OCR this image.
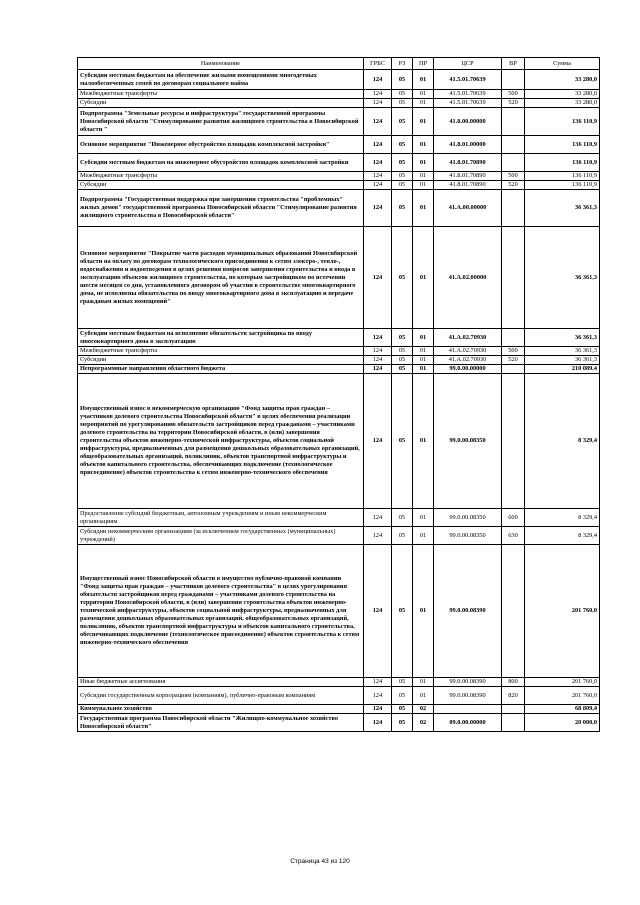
Наименование	ГРБС	РЗ	ПР	ЦСР	ВР	Сумма
Субсидии местным бюджетам на обеспечение жилыми помещениями многодетных малообеспеченных семей по договорам социального найма	124	05	01	41.5.01.70639		33 280,0
Межбюджетные трансферты	124	05	01	41.5.01.70639	500	33 280,0
Субсидии	124	05	01	41.5.01.70639	520	33 280,0
Подпрограмма "Земельные ресурсы и инфраструктура" государственной программы Новосибирской области "Стимулирование развития жилищного строительства в Новосибирской области "	124	05	01	41.8.00.00000		136 110,9
Основное мероприятие "Инженерное обустройство площадок комплексной застройки"	124	05	01	41.8.01.00000		136 110,9
Субсидии местным бюджетам на инженерное обустройство площадок комплексной застройки	124	05	01	41.8.01.70890		136 110,9
Межбюджетные трансферты	124	05	01	41.8.01.70890	500	136 110,9
Субсидии	124	05	01	41.8.01.70890	520	136 110,9
Подпрограмма "Государственная поддержка при завершении строительства "проблемных" жилых домов" государственной программы Новосибирской области "Стимулирование развития жилищного строительства в Новосибирской области"	124	05	01	41.А.00.00000		36 361,3
Основное мероприятие "Покрытие части расходов муниципальных образований Новосибирской области на оплату по договорам технологического присоединения к сетям электро-, тепло-, водоснабжения и водоотведения в целях решения вопросов завершения строительства и ввода в эксплуатацию объектов жилищного строительства, по которым застройщиком по истечении шести месяцев со дня, установленного договором об участии в строительстве многоквартирного дома, не исполнены обязательства по вводу многоквартирного дома в эксплуатацию и передаче гражданам жилых помещений"	124	05	01	41.А.02.00000		36 361,3
Субсидии местным бюджетам на исполнение обязательств застройщика по вводу многоквартирного дома в эксплуатацию	124	05	01	41.А.02.70930		36 361,3
Межбюджетные трансферты	124	05	01	41.А.02.70930	500	36 361,3
Субсидии	124	05	01	41.А.02.70930	520	36 361,3
Непрограммные направления областного бюджета	124	05	01	99.0.00.00000		210 089,4
Имущественный взнос в некоммерческую организацию "Фонд защиты прав граждан – участников долевого строительства Новосибирской области" в целях обеспечения реализации мероприятий по урегулированию обязательств застройщиков перед гражданами – участниками долевого строительства на территории Новосибирской области, в (или) завершения строительства объектов инженерно-технической инфраструктуры, объектов социальной инфраструктуры, предназначенных для размещения дошкольных образовательных организаций, общеобразовательных организаций, поликлиник, объектов транспортной инфраструктуры и объектов капитального строительства, обеспечивающих подключение (технологическое присоединение) объектов строительства к сетям инженерно-технического обеспечения	124	05	01	99.0.00.08350		8 329,4
Предоставление субсидий бюджетным, автономным учреждениям и иным некоммерческим организациям	124	05	01	99.0.00.08350	600	8 329,4
Субсидии некоммерческим организациям (за исключением государственных (муниципальных) учреждений)	124	05	01	99.0.00.08350	630	8 329,4
Имущественный взнос Новосибирской области в имущество публично-правовой компании "Фонд защиты прав граждан – участников долевого строительства" в целях урегулирования обязательств застройщиков перед гражданами – участниками долевого строительства на территории Новосибирской области, в (или) завершения строительства объектов инженерно-технической инфраструктуры, объектов социальной инфраструктуры, предназначенных для размещения дошкольных образовательных организаций, общеобразовательных организаций, поликлиник, объектов транспортной инфраструктуры и объектов капитального строительства, обеспечивающих подключение (технологическое присоединение) объектов строительства к сетям инженерно-технического обеспечения	124	05	01	99.0.00.08390		201 760,0
Иные бюджетные ассигнования	124	05	01	99.0.00.08390	800	201 760,0
Субсидии государственным корпорациям (компаниям), публично-правовым компаниям	124	05	01	99.0.00.08390	820	201 760,0
Коммунальное хозяйство	124	05	02			68 809,4
Государственная программа Новосибирской области "Жилищно-коммунальное хозяйство Новосибирской области"	124	05	02	09.0.00.00000		20 000,0
Страница 43 из 120
